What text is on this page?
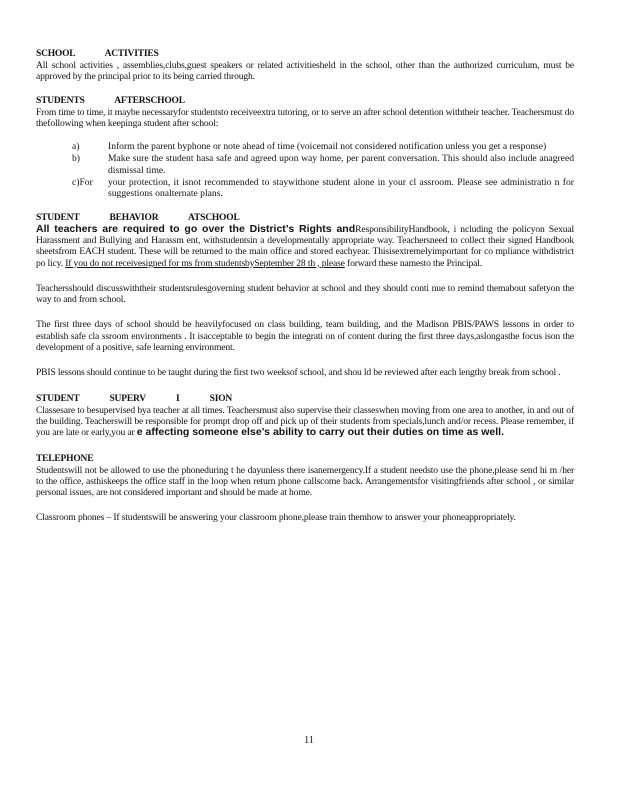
SCHOOL ACTIVITIES

All school activities , assemblies,clubs,guest speakers or related activitiesheld in the school, other than the authorized curriculum, must be approved by the principal prior to its being carried through.

STUDENTS AFTERSCHOOL

From time to time, it maybe necessaryfor studentsto receiveextra tutoring, or to serve an after school detention withtheir teacher. Teachersmust do thefollowing when keepinga student after school:

a)	Inform the parent byphone or note ahead of time (voicemail not considered notification unless you get a response)
b)	Make sure the student hasa safe and agreed upon way home, per parent conversation. This should also include anagreed dismissal time.
c)For	your protection, it isnot recommended to staywithone student alone in your cl assroom. Please see administratio n for suggestions onalternate plans.
STUDENT BEHAVIOR ATSCHOOL

All teachers are required to go over the District’s Rights andResponsibilityHandbook, i ncluding the policyon Sexual Harassment and Bullying and Harassm ent, withstudentsin a developmentally appropriate way. Teachersneed to collect their signed Handbook sheetsfrom EACH student. These will be returned to the main office and stored eachyear. Thisisextremelyimportant for co mpliance withdistrict po licy. If you do not receivesigned for ms from studentsbySeptember 28 th , please forward these namesto the Principal.

Teachersshould discusswiththeir studentsrulesgoverning student behavior at school and they should conti nue to remind themabout safetyon the way to and from school.

The first three days of school should be heavilyfocused on class building, team building, and the Madison PBIS/PAWS lessons in order to establish safe cla ssroom environments . It isacceptable to begin the integrati on of content during the first three days,aslongasthe focus ison the development of a positive, safe learning environment.

PBIS lessons should continue to be taught during the first two weeksof school, and shou ld be reviewed after each lengthy break from school .

STUDENT SUPERV I SION

Classesare to besupervised bya teacher at all times. Teachersmust also supervise their classeswhen moving from one area to another, in and out of the building. Teacherswill be responsible for prompt drop off and pick up of their students from specials,lunch and/or recess. Please remember, if you are late or early,you ar e affecting someone else’s ability to carry out their duties on time as well.

TELEPHONE

Studentswill not be allowed to use the phoneduring t he dayunless there isanemergency.If a student needsto use the phone,please send hi m /her to the office, asthiskeeps the office staff in the loop when return phone callscome back. Arrangementsfor visitingfriends after school , or similar personal issues, are not considered important and should be made at home.

Classroom phones – If studentswill be answering your classroom phone,please train themhow to answer your phoneappropriately.

11
